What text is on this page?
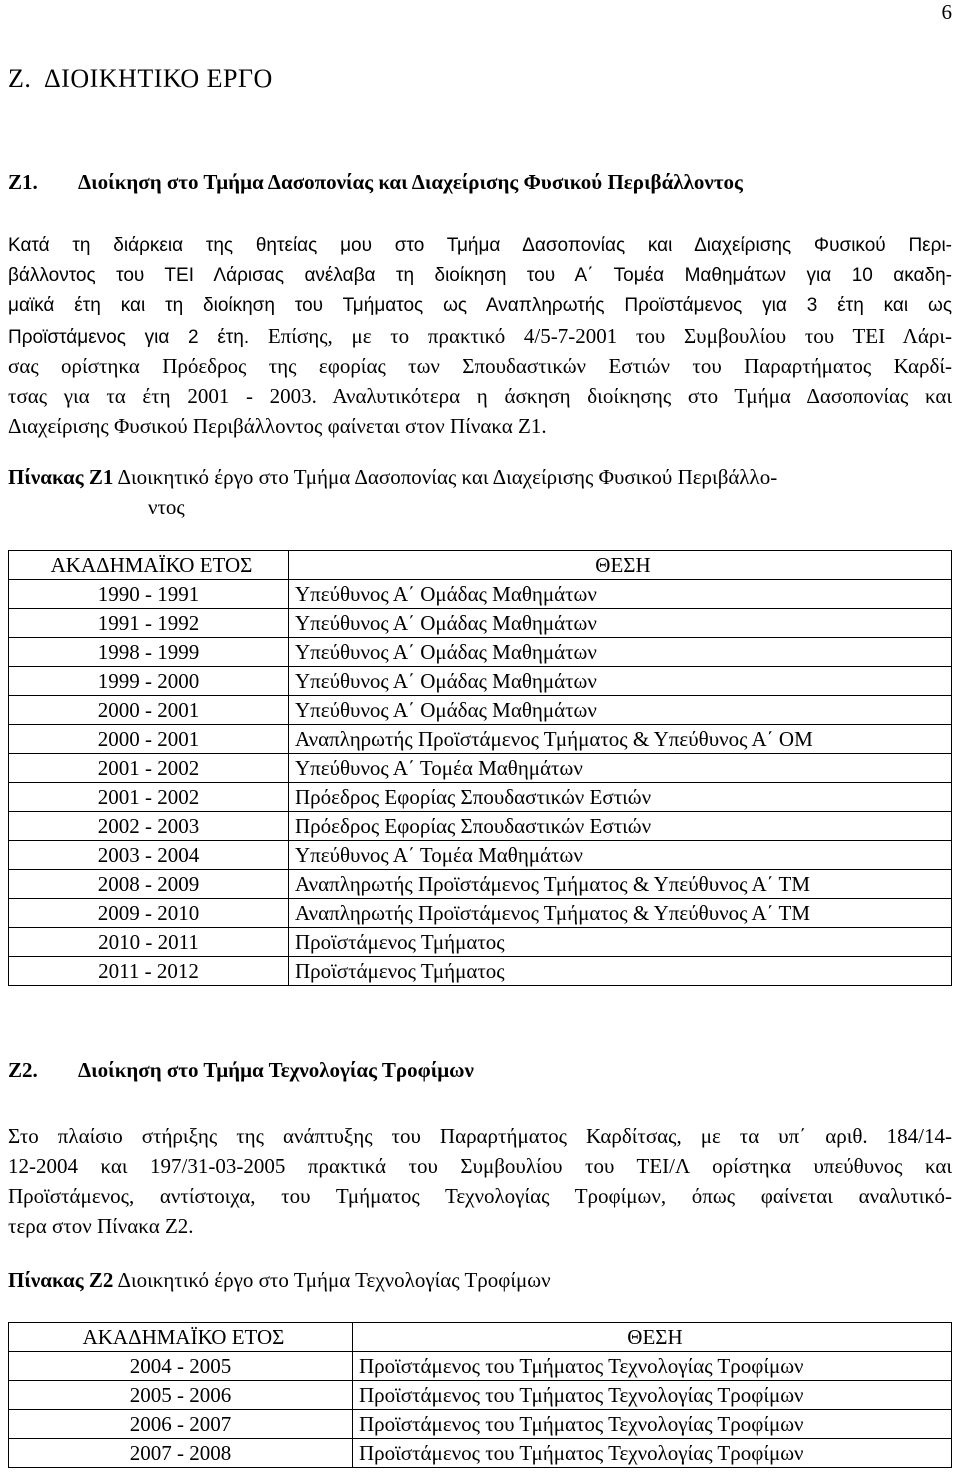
6
Ζ.  ΔΙΟΙΚΗΤΙΚΟ ΕΡΓΟ
Ζ1. Διοίκηση στο Τμήμα Δασοπονίας και Διαχείρισης Φυσικού Περιβάλλοντος
Κατά τη διάρκεια της θητείας μου στο Τμήμα Δασοπονίας και Διαχείρισης Φυσικού Περι-
βάλλοντος του ΤΕΙ Λάρισας ανέλαβα τη διοίκηση του Α΄ Τομέα Μαθημάτων για 10 ακαδη-
μαϊκά έτη και τη διοίκηση του Τμήματος ως Αναπληρωτής Προϊστάμενος για 3 έτη και ως
Προϊστάμενος για 2 έτη. Επίσης, με το πρακτικό 4/5-7-2001 του Συμβουλίου του ΤΕΙ Λάρι-
σας ορίστηκα Πρόεδρος της εφορίας των Σπουδαστικών Εστιών του Παραρτήματος Καρδί-
τσας για τα έτη 2001 - 2003. Αναλυτικότερα η άσκηση διοίκησης στο Τμήμα Δασοπονίας και
Διαχείρισης Φυσικού Περιβάλλοντος φαίνεται στον Πίνακα Ζ1.
Πίνακας Ζ1 Διοικητικό έργο στο Τμήμα Δασοπονίας και Διαχείρισης Φυσικού Περιβάλλο-
ντος
ΑΚΑΔΗΜΑΪΚΟ ΕΤΟΣ	ΘΕΣΗ
1990 - 1991	Υπεύθυνος Α΄ Ομάδας Μαθημάτων
1991 - 1992	Υπεύθυνος Α΄ Ομάδας Μαθημάτων
1998 - 1999	Υπεύθυνος Α΄ Ομάδας Μαθημάτων
1999 - 2000	Υπεύθυνος Α΄ Ομάδας Μαθημάτων
2000 - 2001	Υπεύθυνος Α΄ Ομάδας Μαθημάτων
2000 - 2001	Αναπληρωτής Προϊστάμενος Τμήματος & Υπεύθυνος Α΄ ΟΜ
2001 - 2002	Υπεύθυνος Α΄ Τομέα Μαθημάτων
2001 - 2002	Πρόεδρος Εφορίας Σπουδαστικών Εστιών
2002 - 2003	Πρόεδρος Εφορίας Σπουδαστικών Εστιών
2003 - 2004	Υπεύθυνος Α΄ Τομέα Μαθημάτων
2008 - 2009	Αναπληρωτής Προϊστάμενος Τμήματος & Υπεύθυνος Α΄ ΤΜ
2009 - 2010	Αναπληρωτής Προϊστάμενος Τμήματος & Υπεύθυνος Α΄ ΤΜ
2010 - 2011	Προϊστάμενος Τμήματος
2011 - 2012	Προϊστάμενος Τμήματος
Ζ2. Διοίκηση στο Τμήμα Τεχνολογίας Τροφίμων
Στο πλαίσιο στήριξης της ανάπτυξης του Παραρτήματος Καρδίτσας, με τα υπ΄ αριθ. 184/14-
12-2004 και 197/31-03-2005 πρακτικά του Συμβουλίου του ΤΕΙ/Λ ορίστηκα υπεύθυνος και
Προϊστάμενος, αντίστοιχα, του Τμήματος Τεχνολογίας Τροφίμων, όπως φαίνεται αναλυτικό-
τερα στον Πίνακα Ζ2.
Πίνακας Ζ2 Διοικητικό έργο στο Τμήμα Τεχνολογίας Τροφίμων
ΑΚΑΔΗΜΑΪΚΟ ΕΤΟΣ	ΘΕΣΗ
2004 - 2005	Προϊστάμενος του Τμήματος Τεχνολογίας Τροφίμων
2005 - 2006	Προϊστάμενος του Τμήματος Τεχνολογίας Τροφίμων
2006 - 2007	Προϊστάμενος του Τμήματος Τεχνολογίας Τροφίμων
2007 - 2008	Προϊστάμενος του Τμήματος Τεχνολογίας Τροφίμων
